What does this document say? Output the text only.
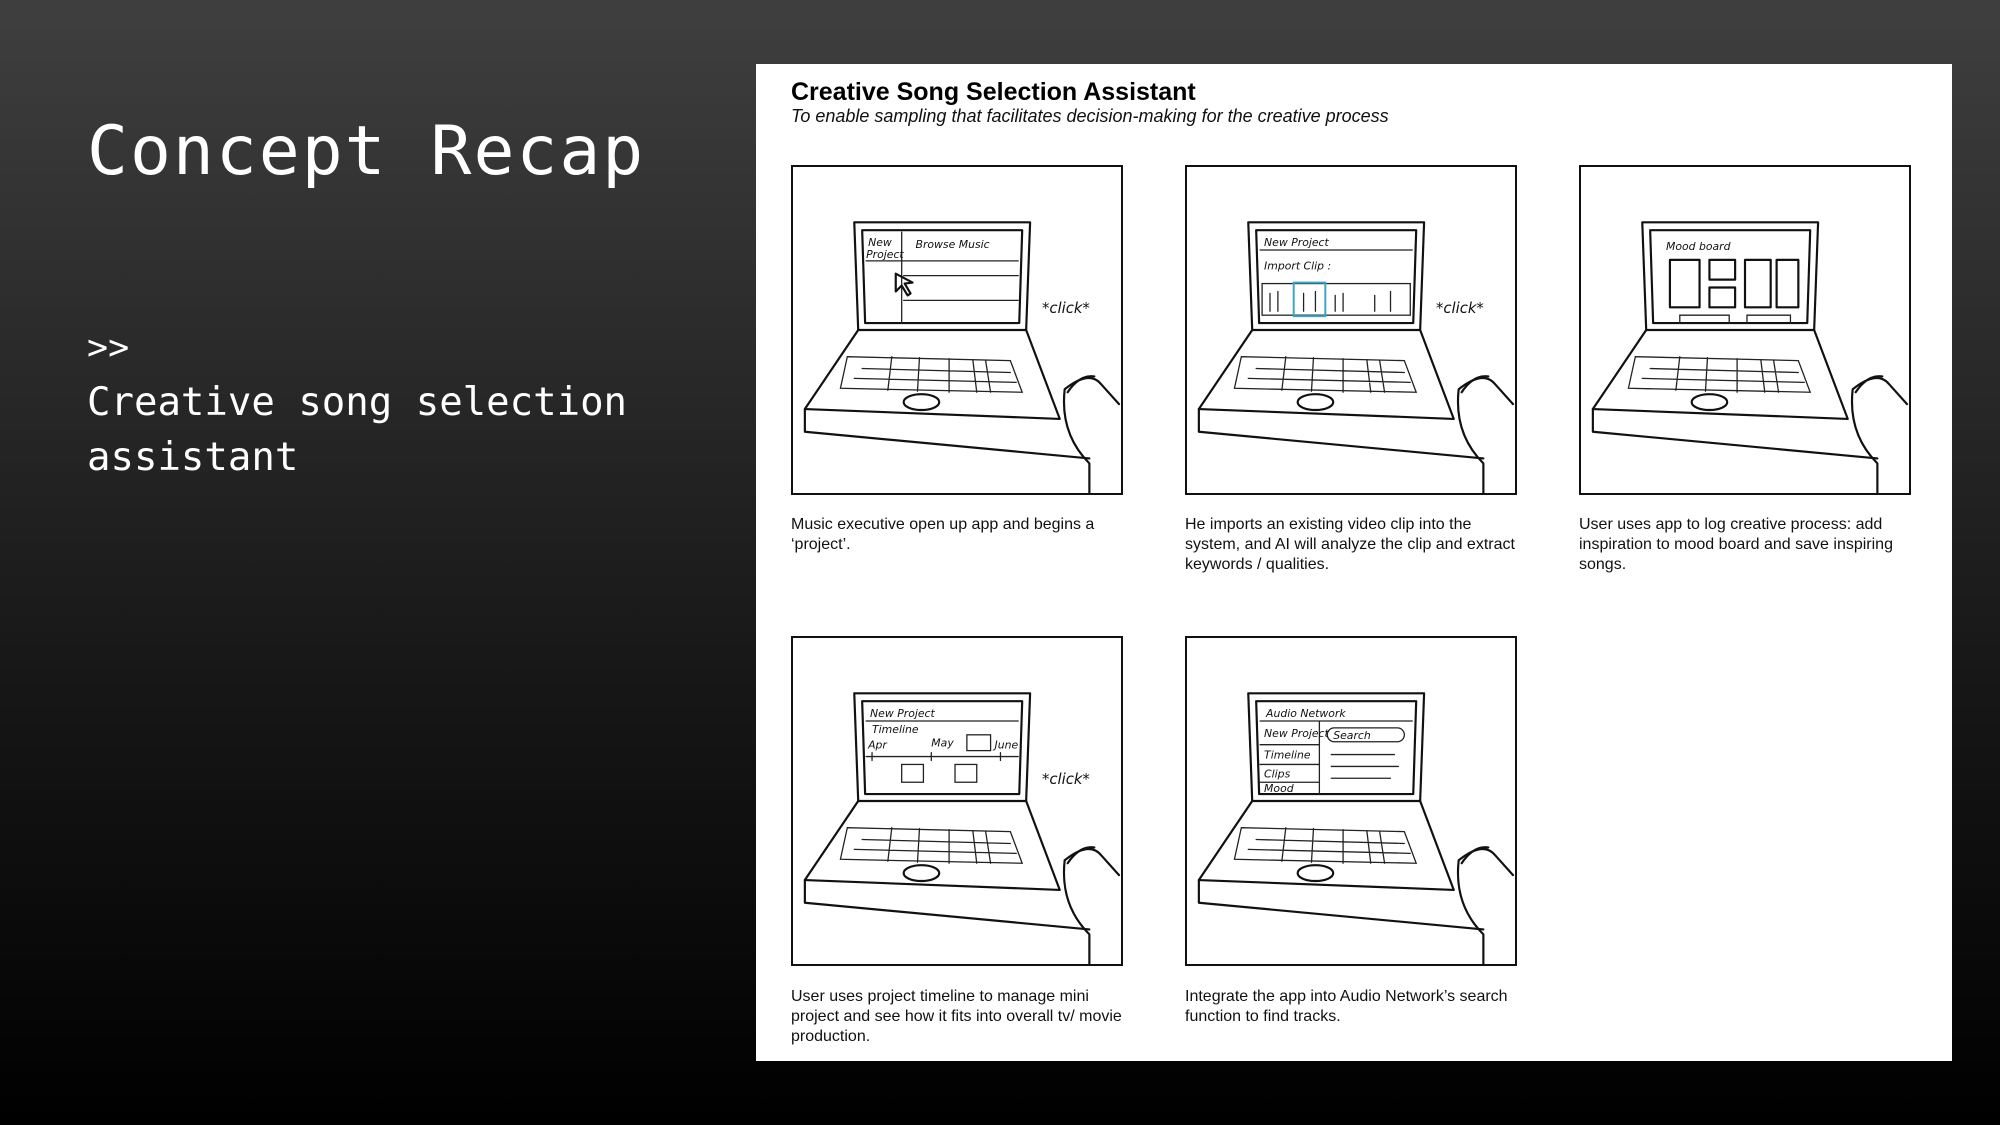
Concept Recap
>>
Creative song selection assistant
Creative Song Selection Assistant
To enable sampling that facilitates decision-making for the creative process
New
Project
Browse Music
*click*
New Project
Import Clip :
*click*
Mood board
New Project
Timeline
Apr	May	June
*click*
Audio Network
New Project Search
Timeline
Clips
Mood
Music executive open up app and begins a ‘project’.
He imports an existing video clip into the system, and AI will analyze the clip and extract keywords / qualities.
User uses app to log creative process: add inspiration to mood board and save inspiring songs.
User uses project timeline to manage mini project and see how it fits into overall tv/ movie production.
Integrate the app into Audio Network’s search function to find tracks.
